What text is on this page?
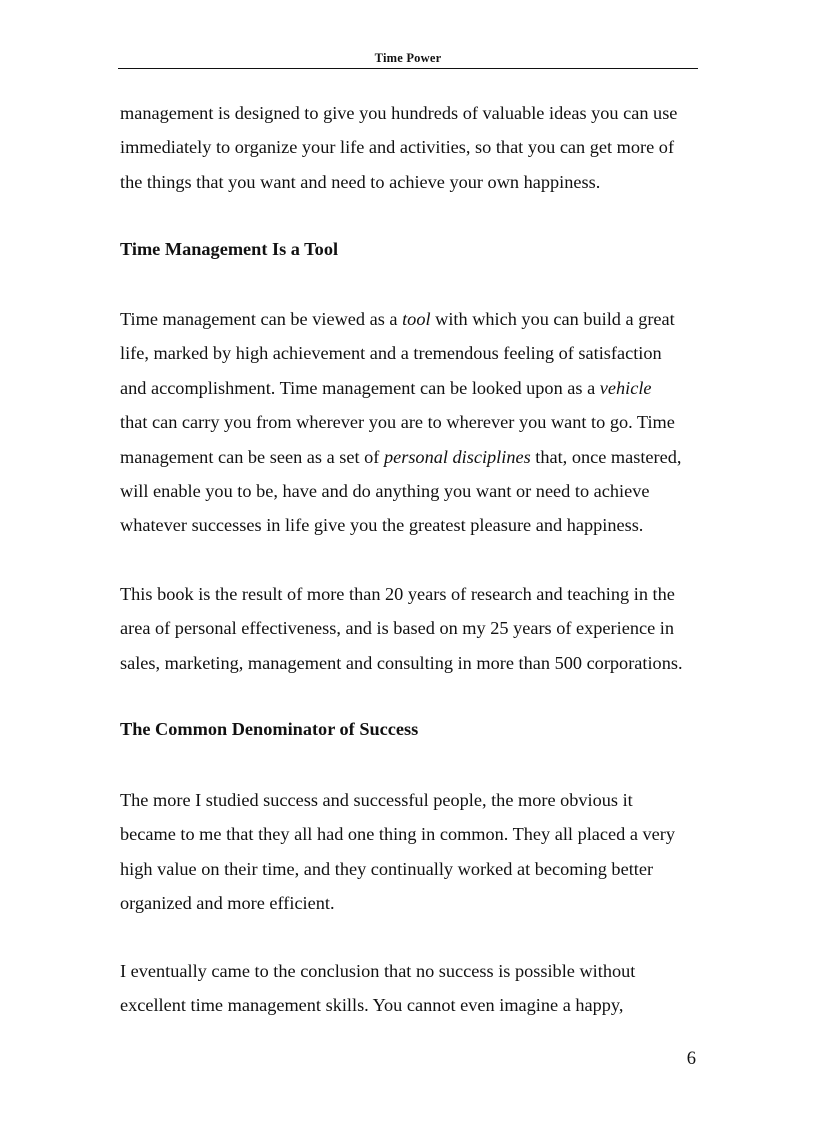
Time Power
management is designed to give you hundreds of valuable ideas you can use
immediately to organize your life and activities, so that you can get more of
the things that you want and need to achieve your own happiness.
Time Management Is a Tool
Time management can be viewed as a tool with which you can build a great
life, marked by high achievement and a tremendous feeling of satisfaction
and accomplishment. Time management can be looked upon as a vehicle
that can carry you from wherever you are to wherever you want to go. Time
management can be seen as a set of personal disciplines that, once mastered,
will enable you to be, have and do anything you want or need to achieve
whatever successes in life give you the greatest pleasure and happiness.
This book is the result of more than 20 years of research and teaching in the
area of personal effectiveness, and is based on my 25 years of experience in
sales, marketing, management and consulting in more than 500 corporations.
The Common Denominator of Success
The more I studied success and successful people, the more obvious it
became to me that they all had one thing in common. They all placed a very
high value on their time, and they continually worked at becoming better
organized and more efficient.
I eventually came to the conclusion that no success is possible without
excellent time management skills. You cannot even imagine a happy,
6
